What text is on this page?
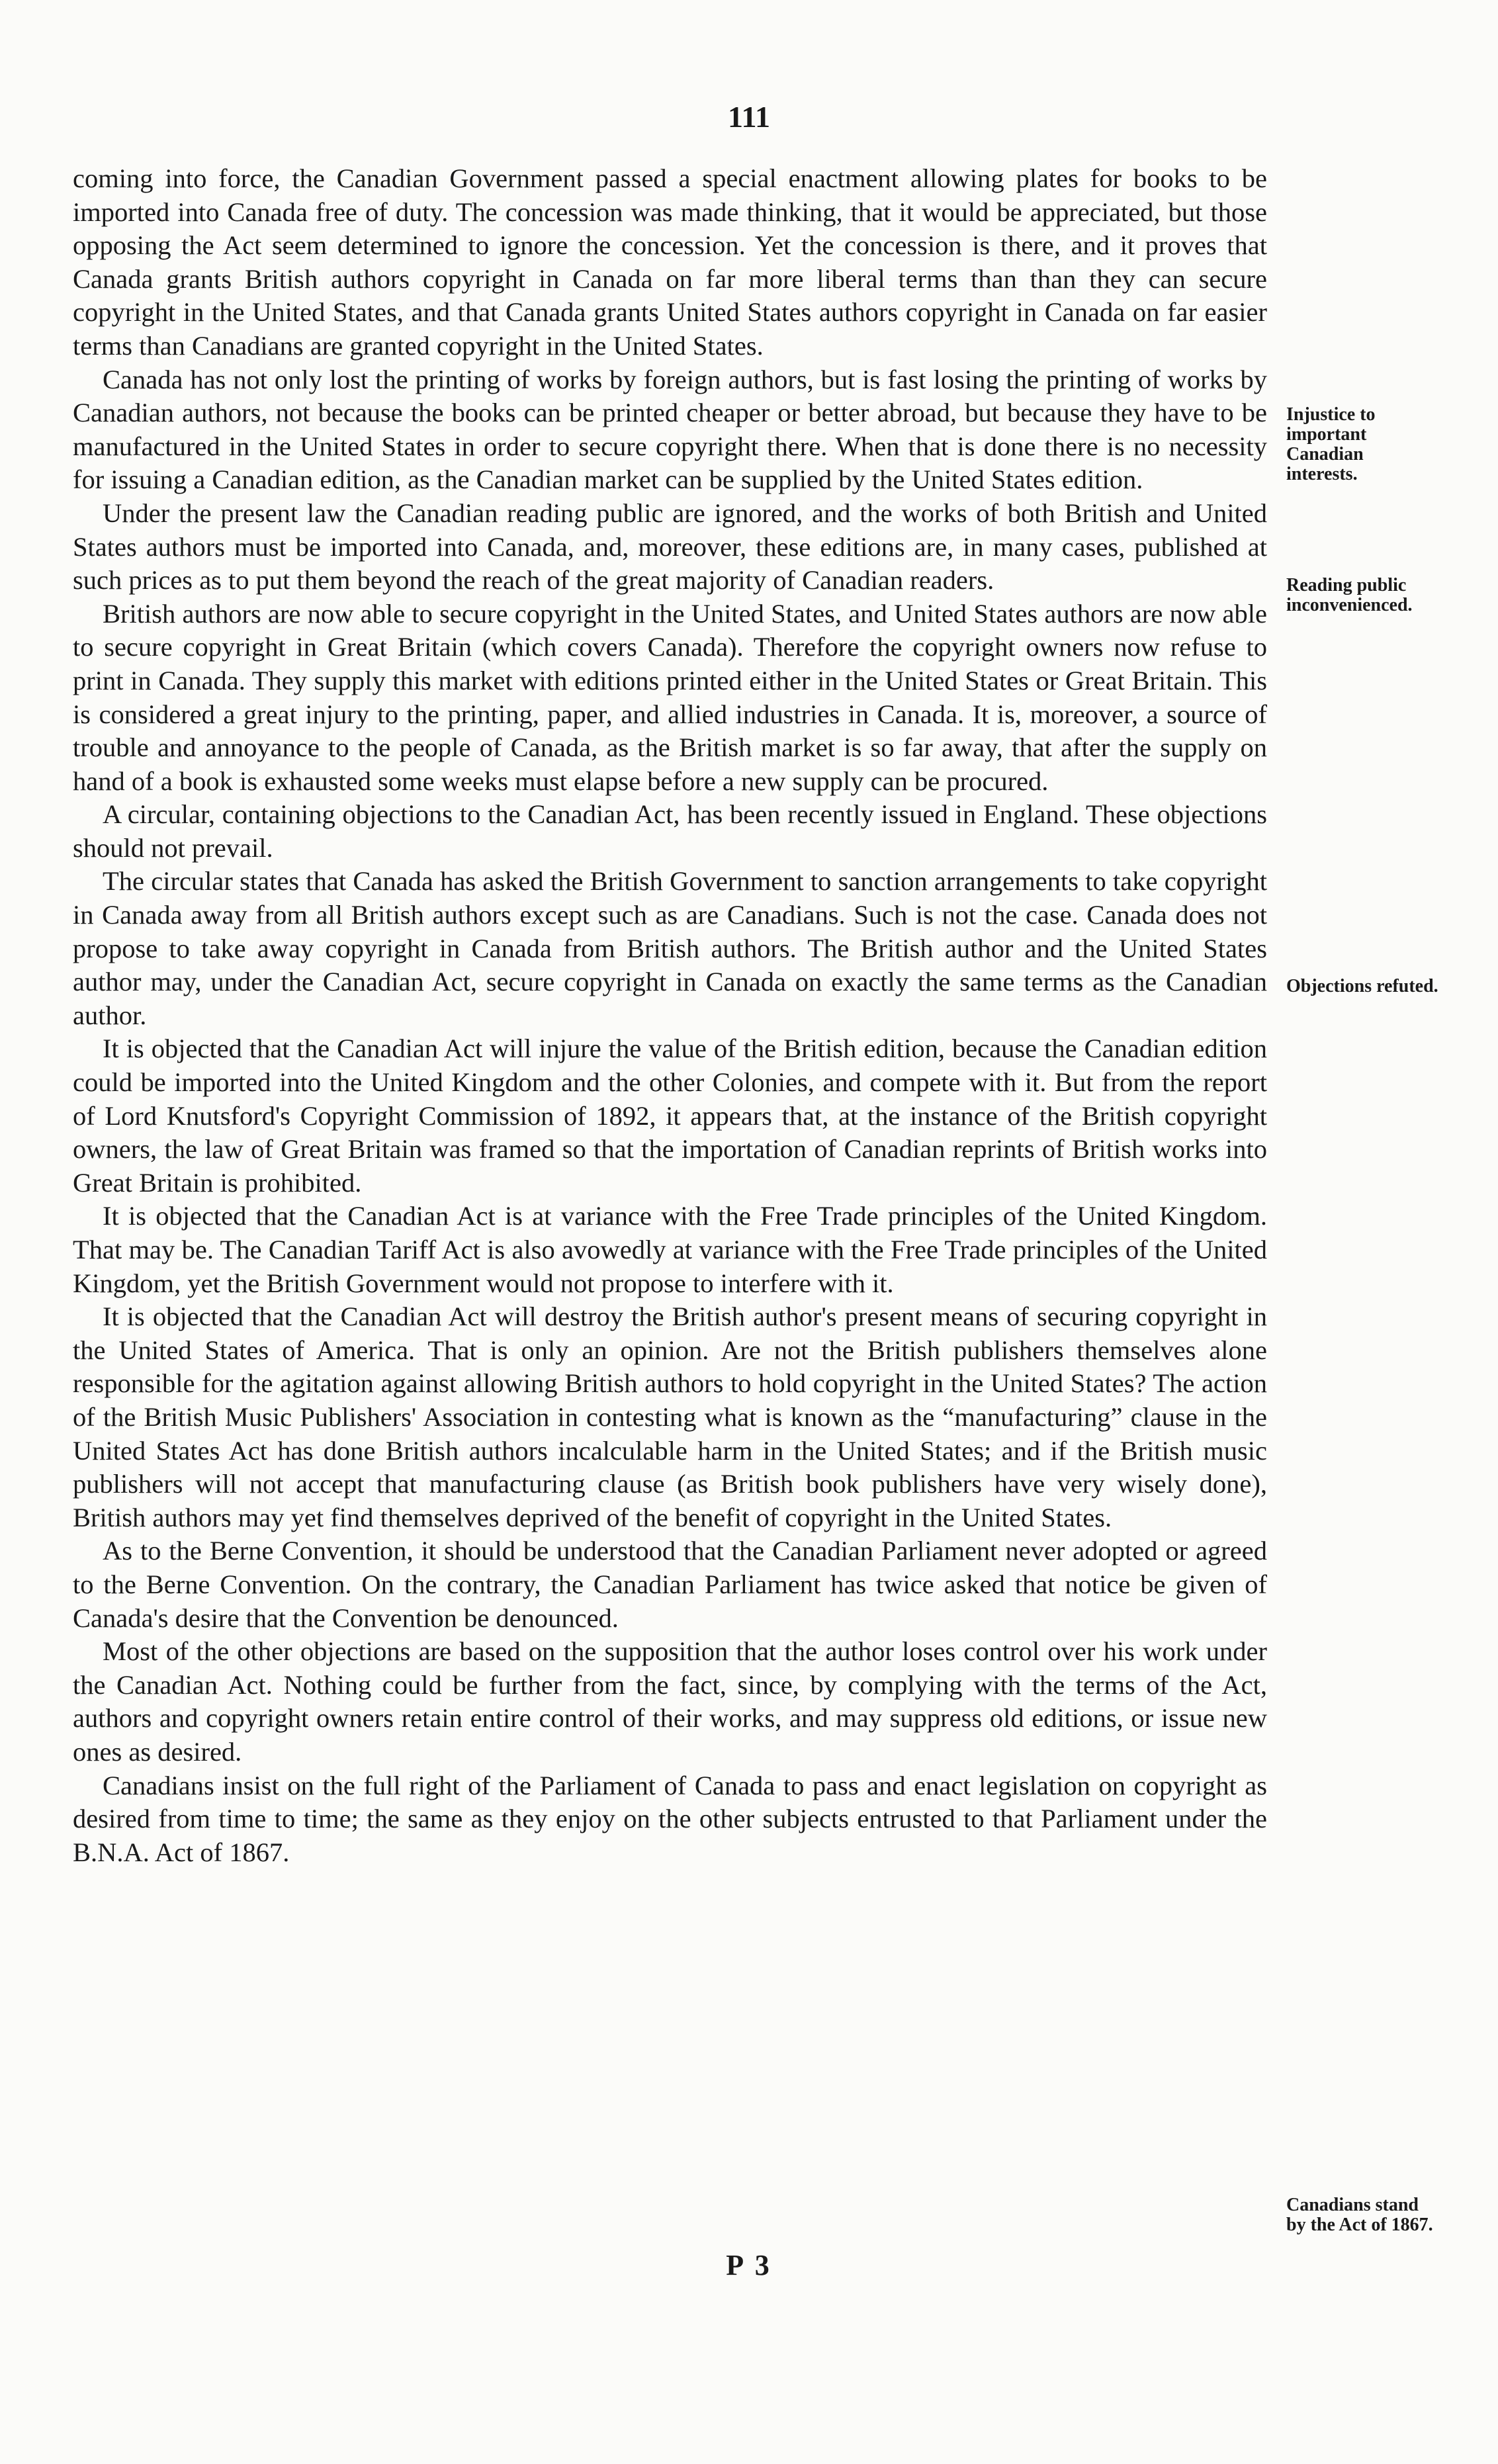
111

coming into force, the Canadian Government passed a special enactment allowing plates for books to be imported into Canada free of duty. The concession was made thinking, that it would be appreciated, but those opposing the Act seem determined to ignore the concession. Yet the concession is there, and it proves that Canada grants British authors copyright in Canada on far more liberal terms than than they can secure copyright in the United States, and that Canada grants United States authors copyright in Canada on far easier terms than Canadians are granted copyright in the United States.

Canada has not only lost the printing of works by foreign authors, but is fast losing the printing of works by Canadian authors, not because the books can be printed cheaper or better abroad, but because they have to be manufactured in the United States in order to secure copyright there. When that is done there is no necessity for issuing a Canadian edition, as the Canadian market can be supplied by the United States edition.

Under the present law the Canadian reading public are ignored, and the works of both British and United States authors must be imported into Canada, and, moreover, these editions are, in many cases, published at such prices as to put them beyond the reach of the great majority of Canadian readers.

British authors are now able to secure copyright in the United States, and United States authors are now able to secure copyright in Great Britain (which covers Canada). Therefore the copyright owners now refuse to print in Canada. They supply this market with editions printed either in the United States or Great Britain. This is considered a great injury to the printing, paper, and allied industries in Canada. It is, moreover, a source of trouble and annoyance to the people of Canada, as the British market is so far away, that after the supply on hand of a book is exhausted some weeks must elapse before a new supply can be procured.

A circular, containing objections to the Canadian Act, has been recently issued in England. These objections should not prevail.

The circular states that Canada has asked the British Government to sanction arrangements to take copyright in Canada away from all British authors except such as are Canadians. Such is not the case. Canada does not propose to take away copyright in Canada from British authors. The British author and the United States author may, under the Canadian Act, secure copyright in Canada on exactly the same terms as the Canadian author.

It is objected that the Canadian Act will injure the value of the British edition, because the Canadian edition could be imported into the United Kingdom and the other Colonies, and compete with it. But from the report of Lord Knutsford's Copyright Commission of 1892, it appears that, at the instance of the British copyright owners, the law of Great Britain was framed so that the importation of Canadian reprints of British works into Great Britain is prohibited.

It is objected that the Canadian Act is at variance with the Free Trade principles of the United Kingdom. That may be. The Canadian Tariff Act is also avowedly at variance with the Free Trade principles of the United Kingdom, yet the British Government would not propose to interfere with it.

It is objected that the Canadian Act will destroy the British author's present means of securing copyright in the United States of America. That is only an opinion. Are not the British publishers themselves alone responsible for the agitation against allowing British authors to hold copyright in the United States? The action of the British Music Publishers' Association in contesting what is known as the “manufacturing” clause in the United States Act has done British authors incalculable harm in the United States; and if the British music publishers will not accept that manufacturing clause (as British book publishers have very wisely done), British authors may yet find themselves deprived of the benefit of copyright in the United States.

As to the Berne Convention, it should be understood that the Canadian Parliament never adopted or agreed to the Berne Convention. On the contrary, the Canadian Parliament has twice asked that notice be given of Canada's desire that the Convention be denounced.

Most of the other objections are based on the supposition that the author loses control over his work under the Canadian Act. Nothing could be further from the fact, since, by complying with the terms of the Act, authors and copyright owners retain entire control of their works, and may suppress old editions, or issue new ones as desired.

Canadians insist on the full right of the Parliament of Canada to pass and enact legislation on copyright as desired from time to time; the same as they enjoy on the other subjects entrusted to that Parliament under the B.N.A. Act of 1867.

Injustice to important Canadian interests.
Reading public inconvenienced.
Objections refuted.
Canadians stand by the Act of 1867.
P 3
